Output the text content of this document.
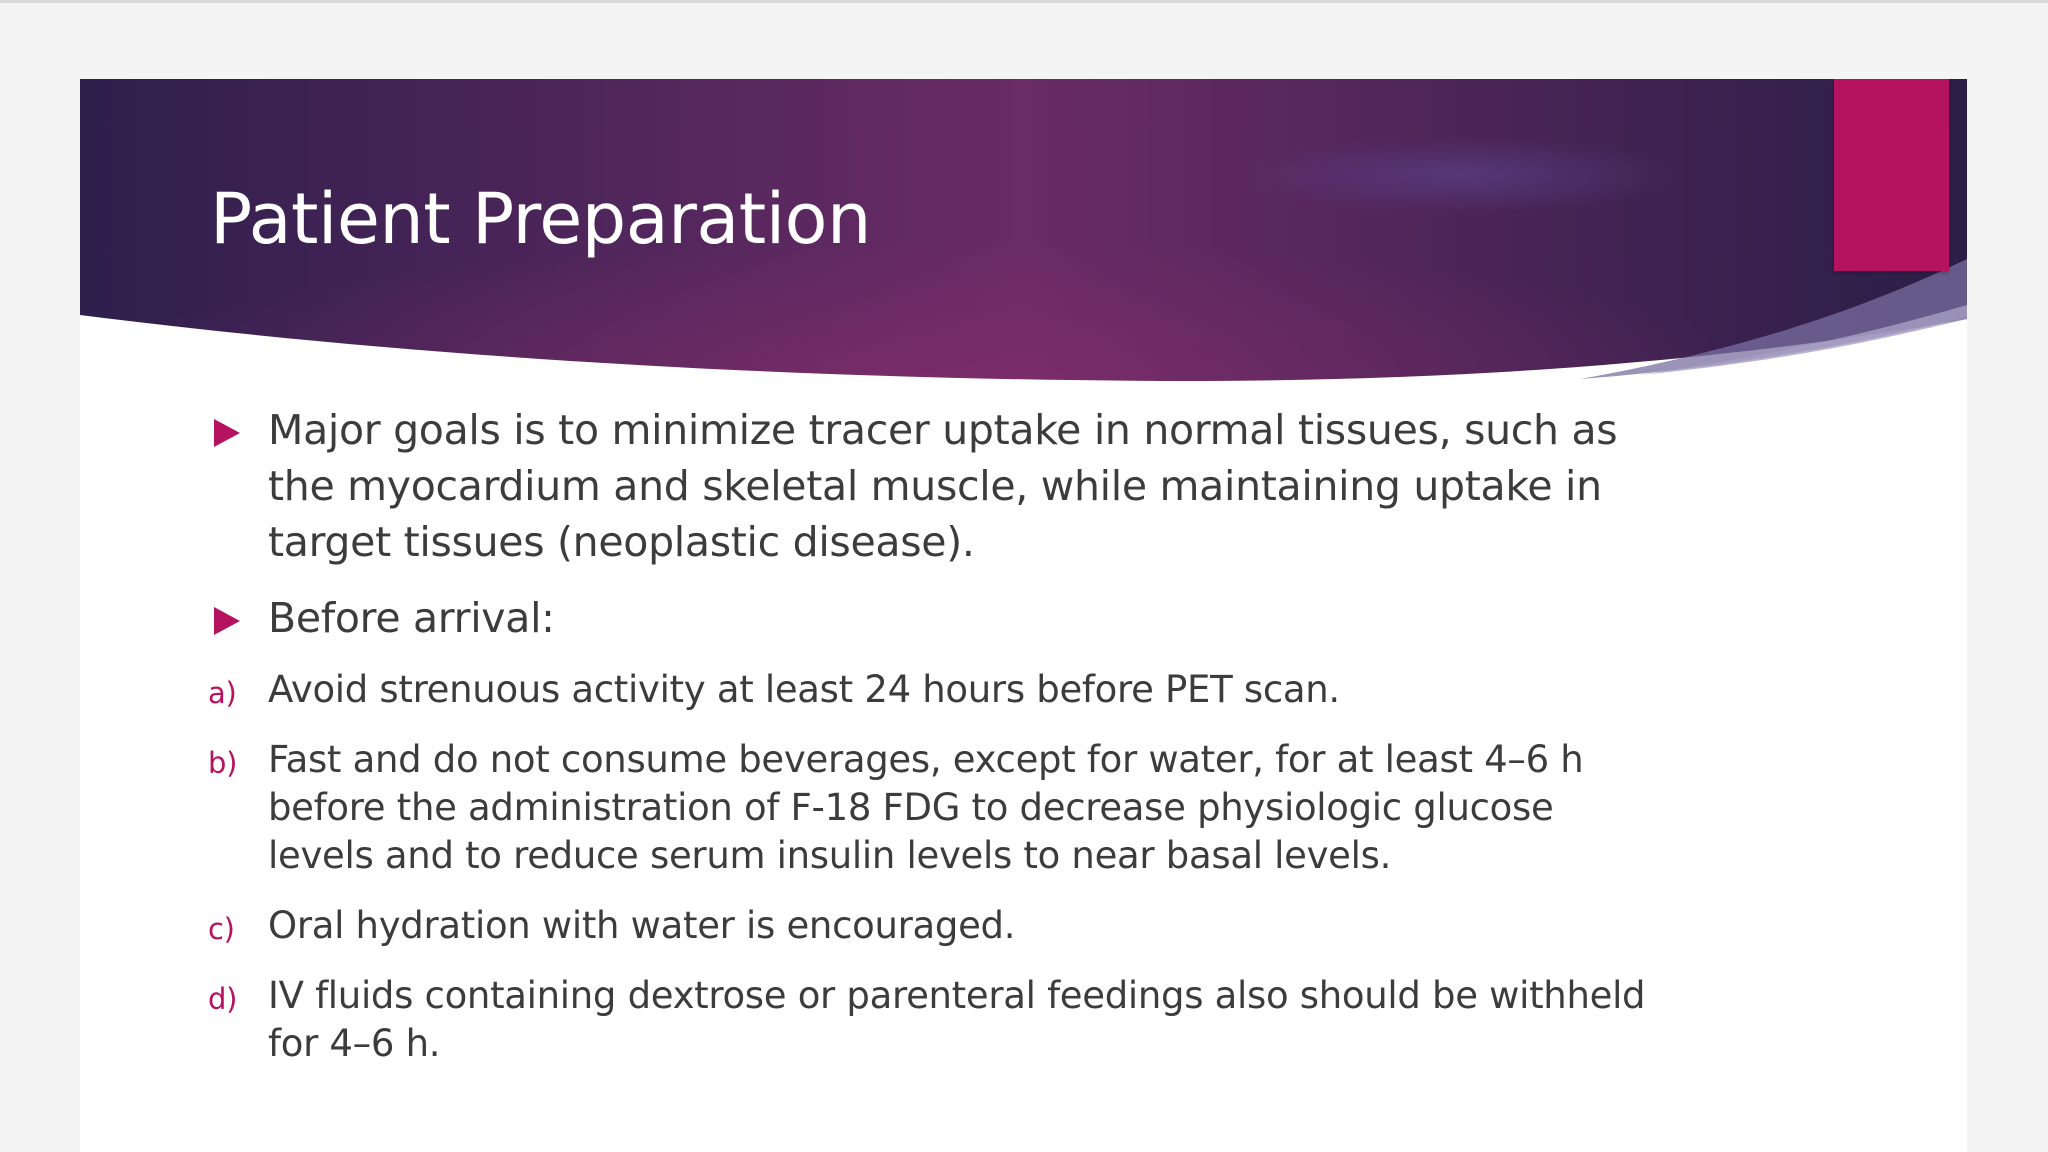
Patient Preparation
Major goals is to minimize tracer uptake in normal tissues, such as the myocardium and skeletal muscle, while maintaining uptake in target tissues (neoplastic disease).
Before arrival:
a) Avoid strenuous activity at least 24 hours before PET scan.
b) Fast and do not consume beverages, except for water, for at least 4–6 h before the administration of F-18 FDG to decrease physiologic glucose levels and to reduce serum insulin levels to near basal levels.
c) Oral hydration with water is encouraged.
d) IV fluids containing dextrose or parenteral feedings also should be withheld for 4–6 h.
